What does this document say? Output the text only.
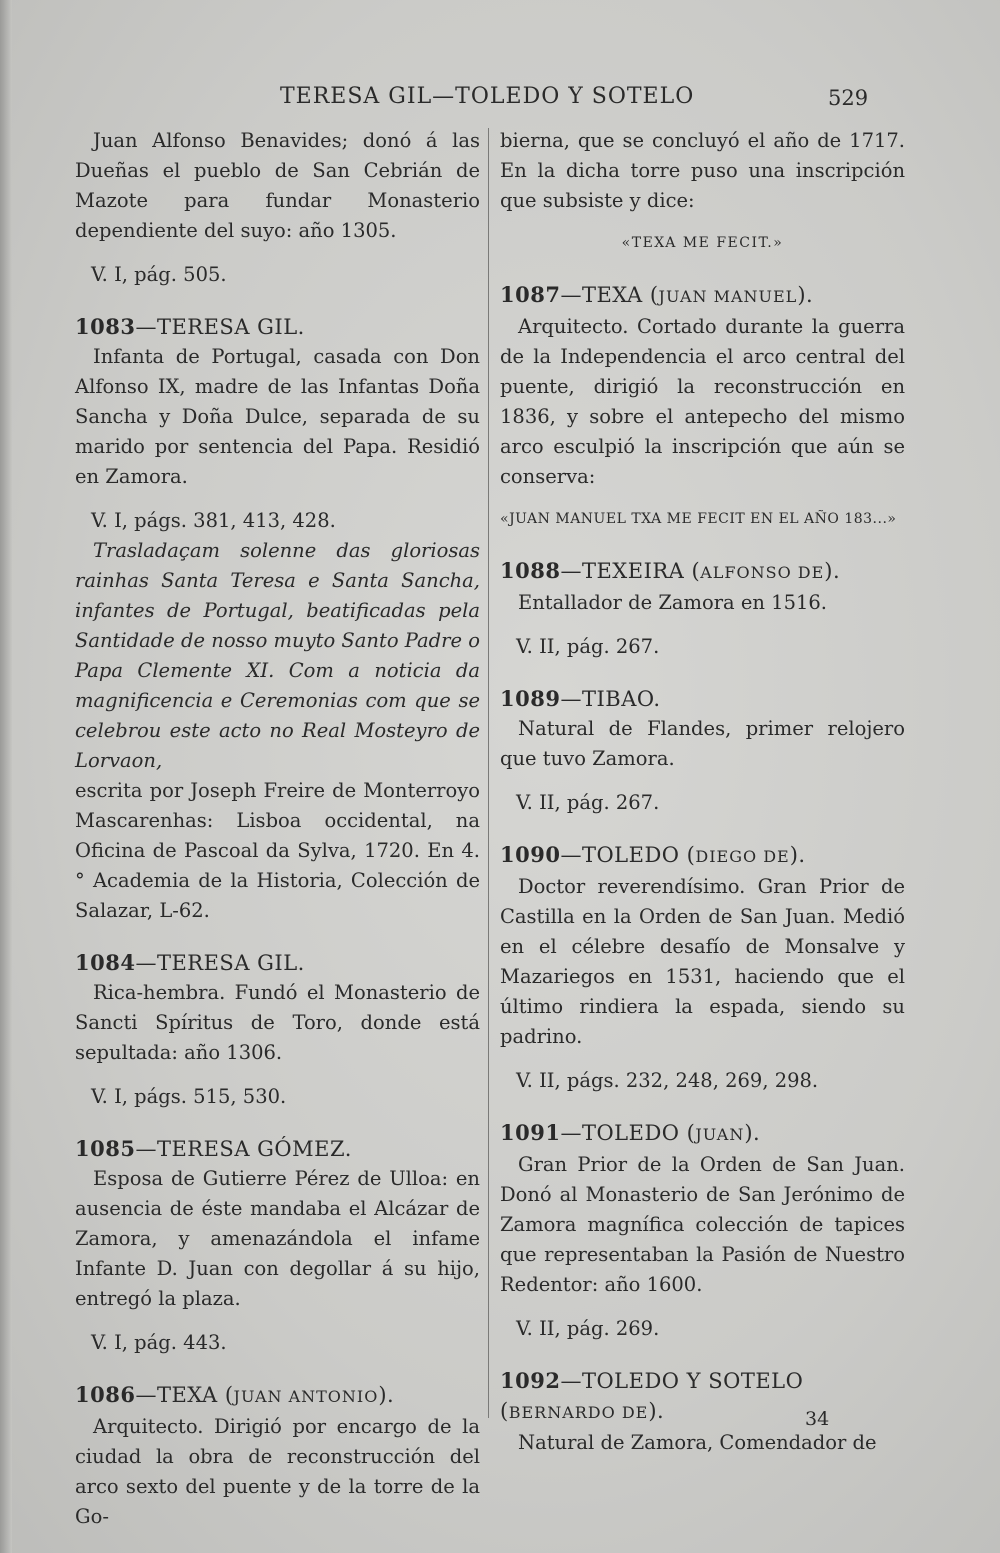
TERESA GIL—TOLEDO Y SOTELO	529

Juan Alfonso Benavides; donó á las Dueñas el pueblo de San Cebrián de Mazote para fundar Monasterio dependiente del suyo: año 1305.

V. I, pág. 505.

1083—TERESA GIL.

Infanta de Portugal, casada con Don Alfonso IX, madre de las Infantas Doña Sancha y Doña Dulce, separada de su marido por sentencia del Papa. Residió en Zamora.

V. I, págs. 381, 413, 428.

Trasladaçam solenne das gloriosas rainhas Santa Teresa e Santa Sancha, infantes de Portugal, beatificadas pela Santidade de nosso muyto Santo Padre o Papa Clemente XI. Com a noticia da magnificencia e Ceremonias com que se celebrou este acto no Real Mosteyro de Lorvaon,

escrita por Joseph Freire de Monterroyo Mascarenhas: Lisboa occidental, na Oficina de Pascoal da Sylva, 1720. En 4.° Academia de la Historia, Colección de Salazar, L-62.

1084—TERESA GIL.

Rica-hembra. Fundó el Monasterio de Sancti Spíritus de Toro, donde está sepultada: año 1306.

V. I, págs. 515, 530.

1085—TERESA GÓMEZ.

Esposa de Gutierre Pérez de Ulloa: en ausencia de éste mandaba el Alcázar de Zamora, y amenazándola el infame Infante D. Juan con degollar á su hijo, entregó la plaza.

V. I, pág. 443.

1086—TEXA (JUAN ANTONIO).

Arquitecto. Dirigió por encargo de la ciudad la obra de reconstrucción del arco sexto del puente y de la torre de la Go-

bierna, que se concluyó el año de 1717. En la dicha torre puso una inscripción que subsiste y dice:

«TEXA ME FECIT.»

1087—TEXA (JUAN MANUEL).

Arquitecto. Cortado durante la guerra de la Independencia el arco central del puente, dirigió la reconstrucción en 1836, y sobre el antepecho del mismo arco esculpió la inscripción que aún se conserva:

«JUAN MANUEL TXA ME FECIT EN EL AÑO 183...»

1088—TEXEIRA (ALFONSO DE).

Entallador de Zamora en 1516.

V. II, pág. 267.

1089—TIBAO.

Natural de Flandes, primer relojero que tuvo Zamora.

V. II, pág. 267.

1090—TOLEDO (DIEGO DE).

Doctor reverendísimo. Gran Prior de Castilla en la Orden de San Juan. Medió en el célebre desafío de Monsalve y Mazariegos en 1531, haciendo que el último rindiera la espada, siendo su padrino.

V. II, págs. 232, 248, 269, 298.

1091—TOLEDO (JUAN).

Gran Prior de la Orden de San Juan. Donó al Monasterio de San Jerónimo de Zamora magnífica colección de tapices que representaban la Pasión de Nuestro Redentor: año 1600.

V. II, pág. 269.

1092—TOLEDO Y SOTELO (BERNARDO DE).

Natural de Zamora, Comendador de

34
